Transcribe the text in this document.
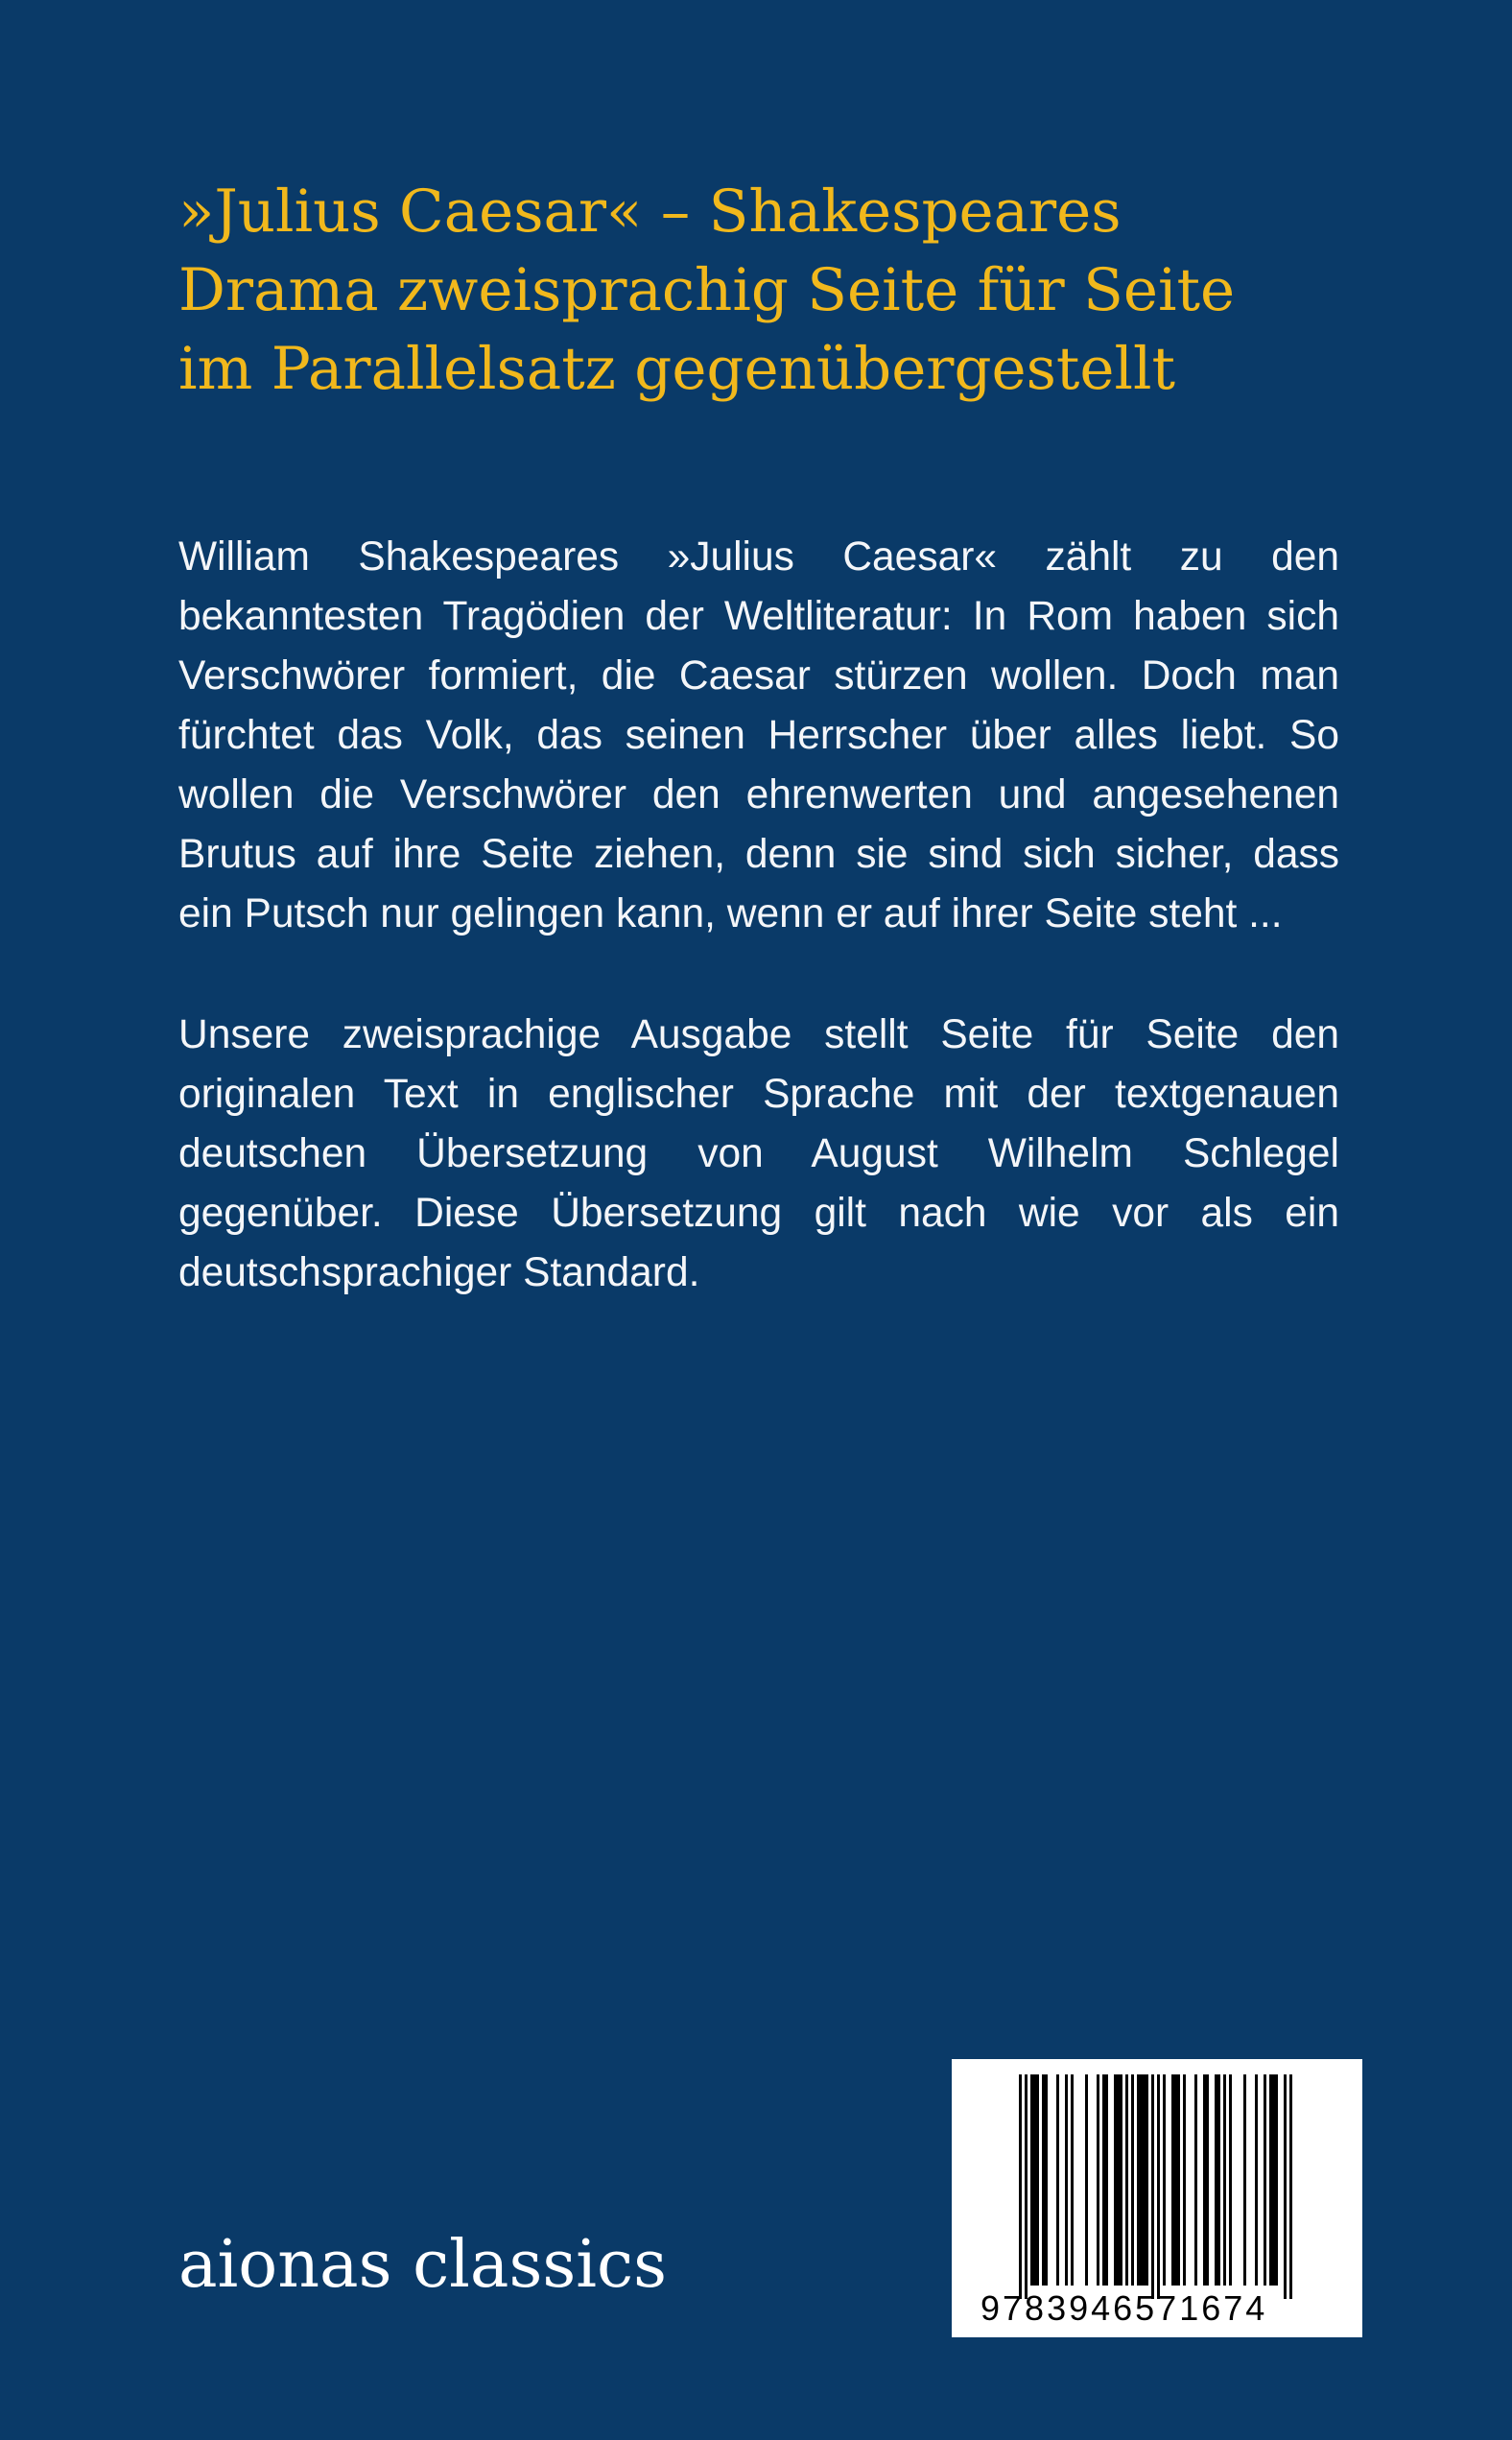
»Julius Caesar« – Shakespeares
Drama zweisprachig Seite für Seite
im Parallelsatz gegenübergestellt

William Shakespeares »Julius Caesar« zählt zu den
bekanntesten Tragödien der Weltliteratur: In Rom haben sich
Verschwörer formiert, die Caesar stürzen wollen. Doch man
fürchtet das Volk, das seinen Herrscher über alles liebt. So
wollen die Verschwörer den ehrenwerten und angesehenen
Brutus auf ihre Seite ziehen, denn sie sind sich sicher, dass
ein Putsch nur gelingen kann, wenn er auf ihrer Seite steht ...

Unsere zweisprachige Ausgabe stellt Seite für Seite den
originalen Text in englischer Sprache mit der textgenauen
deutschen Übersetzung von August Wilhelm Schlegel
gegenüber. Diese Übersetzung gilt nach wie vor als ein
deutschsprachiger Standard.

aionas classics
9783946571674
